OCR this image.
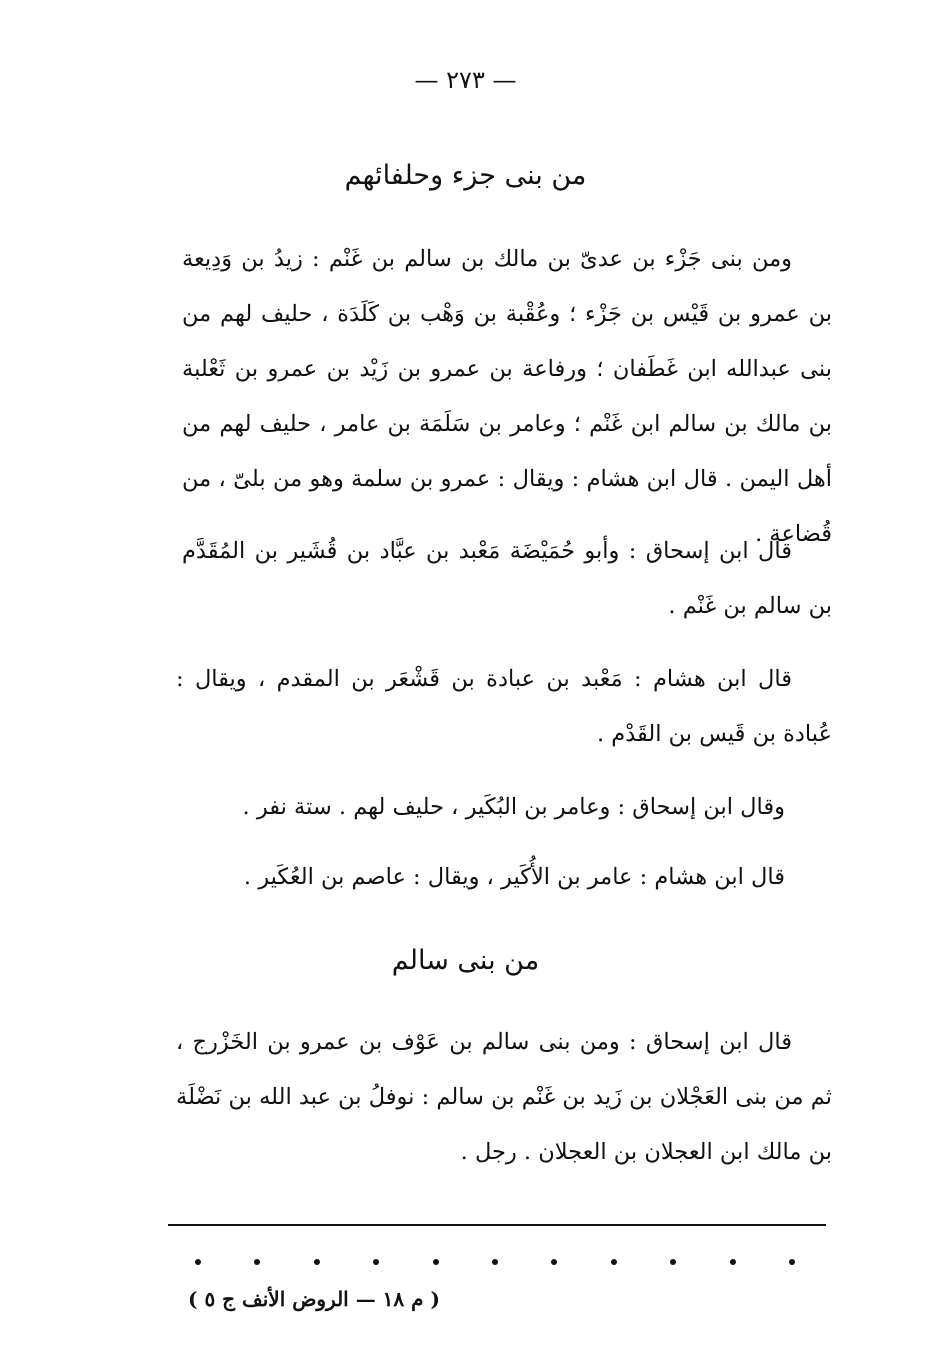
— ٢٧٣ —
من بنى جزء وحلفائهم

ومن بنى جَزْء بن عدىّ بن مالك بن سالم بن غَنْم : زيدُ بن وَدِيعة بن عمرو بن قَيْس بن جَزْء ؛ وعُقْبة بن وَهْب بن كَلَدَة ، حليف لهم من بنى عبدالله ابن غَطَفان ؛ ورفاعة بن عمرو بن زَيْد بن عمرو بن ثَعْلبة بن مالك بن سالم ابن غَنْم ؛ وعامر بن سَلَمَة بن عامر ، حليف لهم من أهل اليمن . قال ابن هشام : ويقال : عمرو بن سلمة وهو من بلىّ ، من قُضاعة .

قال ابن إسحاق : وأبو حُمَيْضَة مَعْبد بن عبَّاد بن قُشَير بن المُقَدَّم بن سالم بن غَنْم .

قال ابن هشام : مَعْبد بن عبادة بن قَشْعَر بن المقدم ، ويقال : عُبادة بن قَيس بن القَدْم .

وقال ابن إسحاق : وعامر بن البُكَير ، حليف لهم . ستة نفر .

قال ابن هشام : عامر بن الأُكَير ، ويقال : عاصم بن العُكَير .

من بنى سالم

قال ابن إسحاق : ومن بنى سالم بن عَوْف بن عمرو بن الخَزْرج ، ثم من بنى العَجْلان بن زَيد بن غَنْم بن سالم : نوفلُ بن عبد الله بن نَضْلَة بن مالك ابن العجلان بن العجلان . رجل .

( م ١٨ — الروض الأنف ج ٥ )
